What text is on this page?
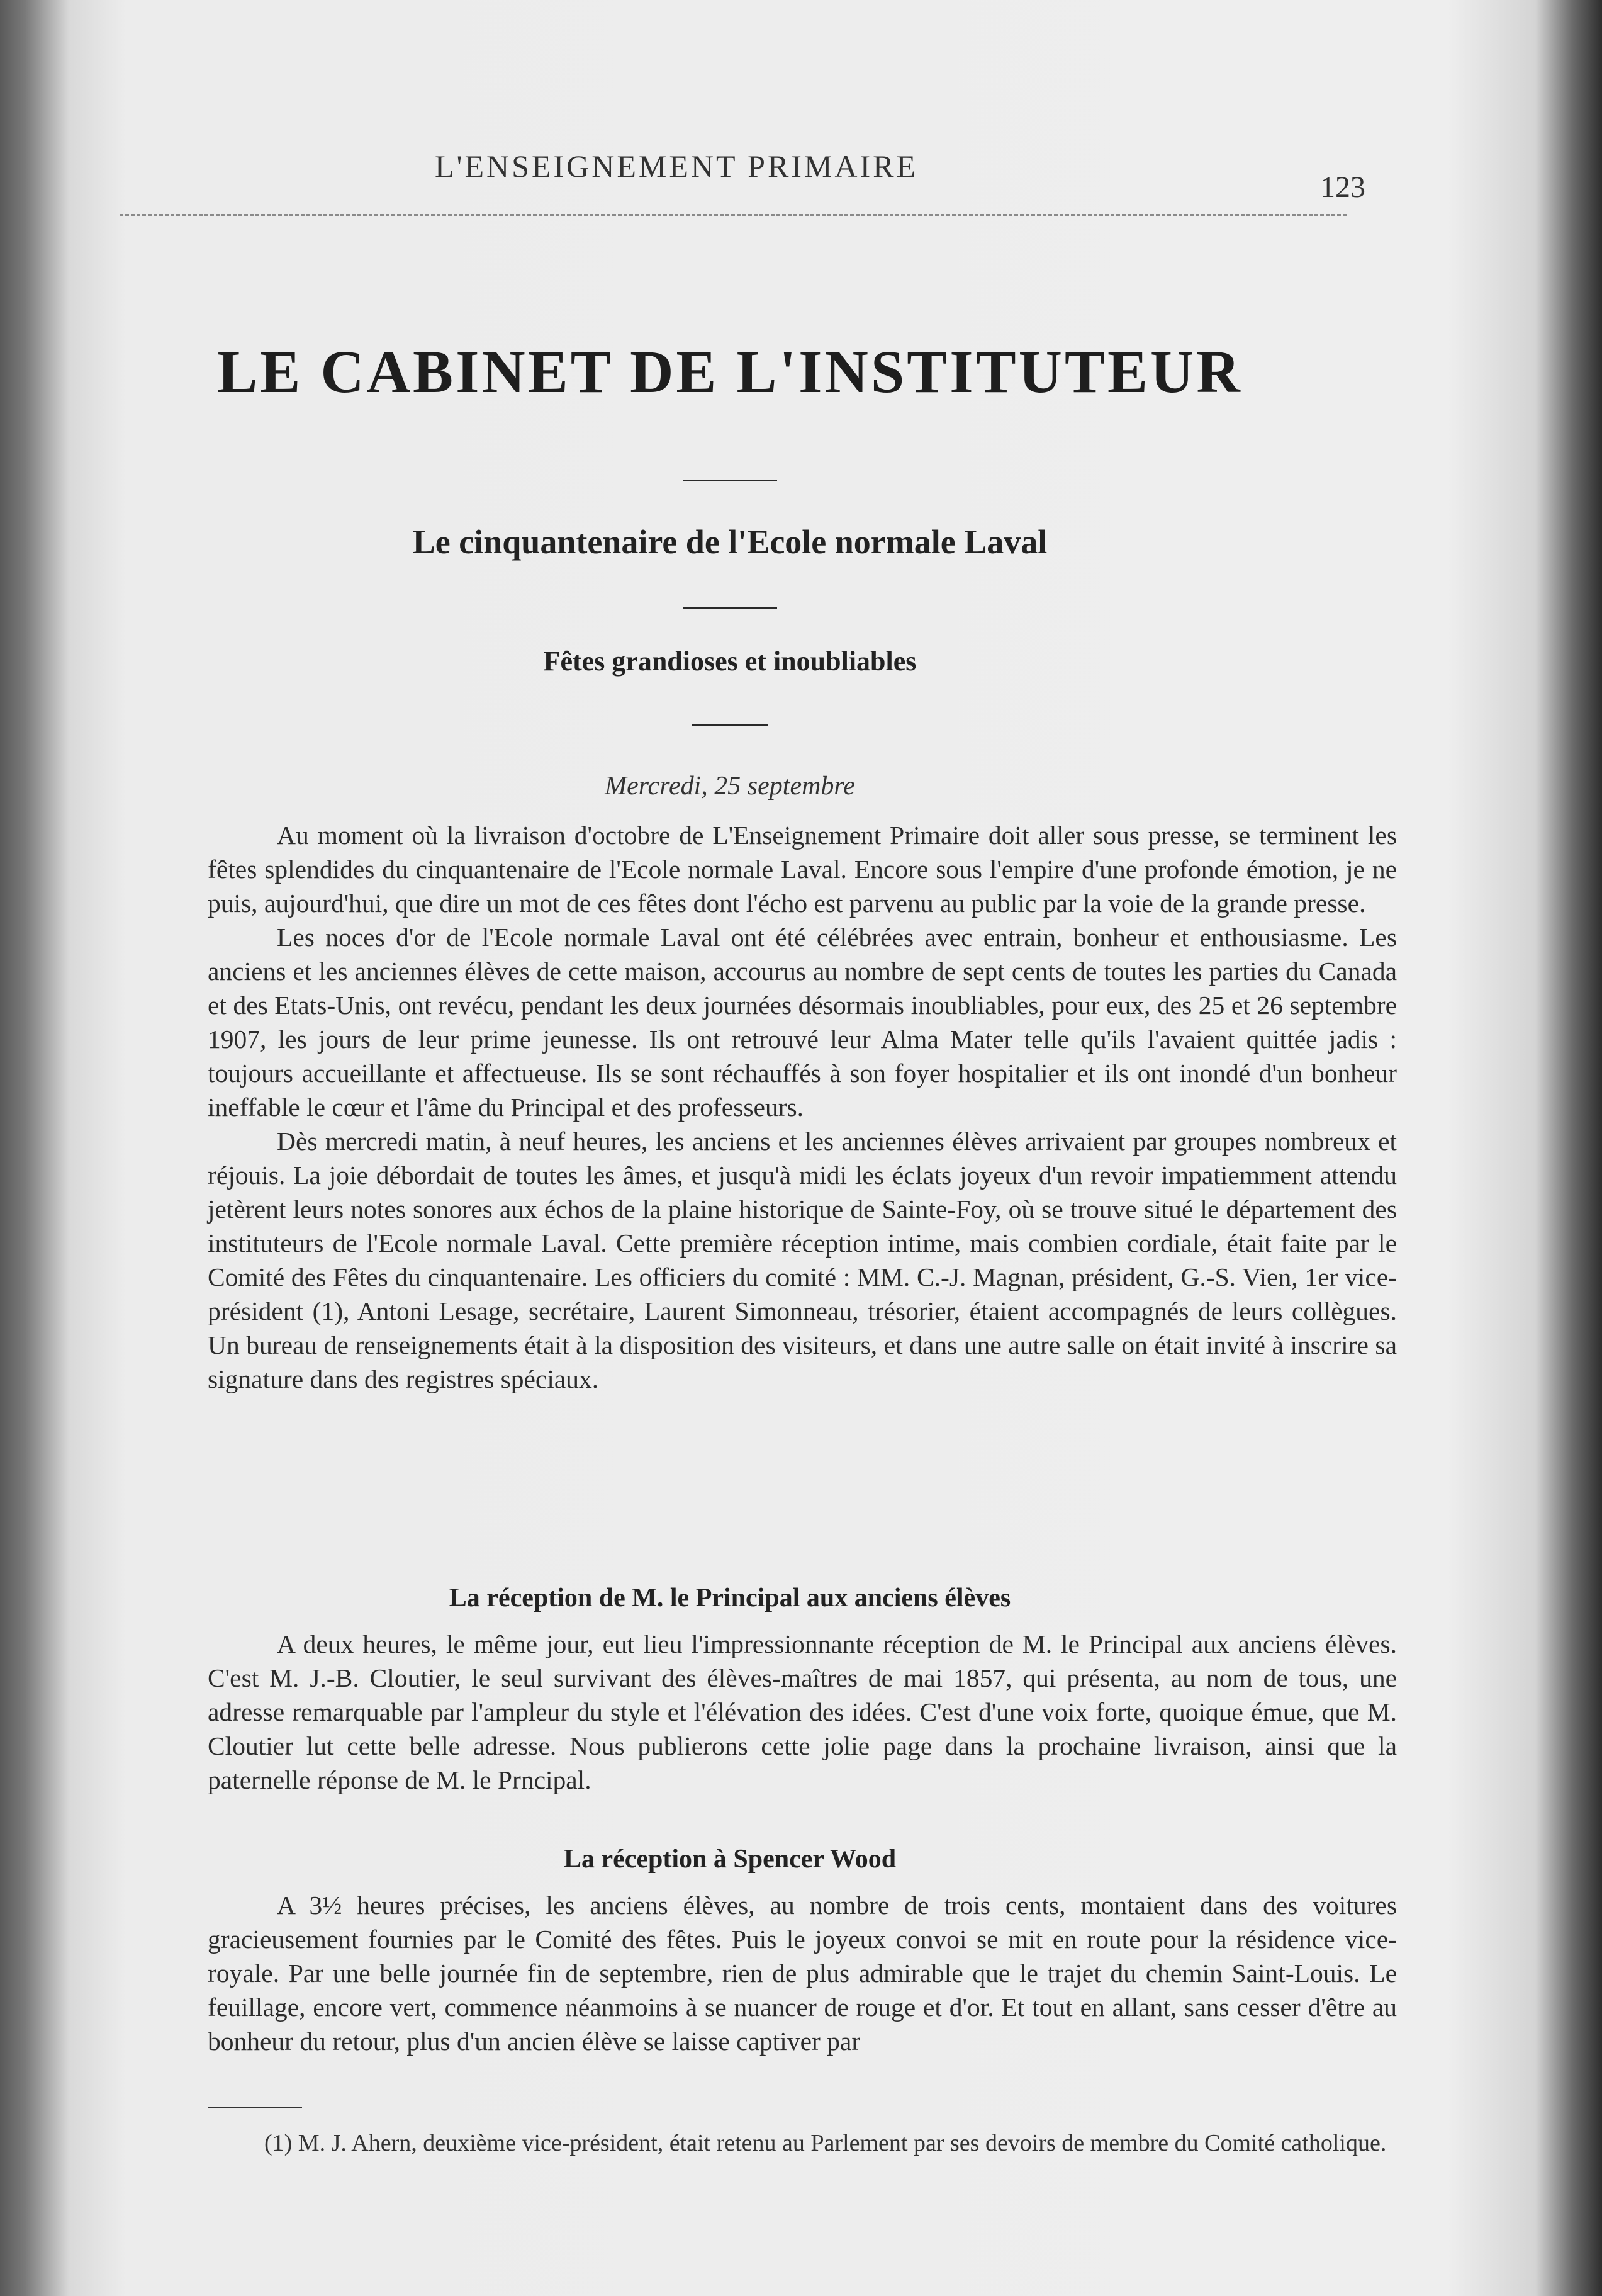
L'ENSEIGNEMENT PRIMAIRE
123
LE CABINET DE L'INSTITUTEUR
Le cinquantenaire de l'Ecole normale Laval
Fêtes grandioses et inoubliables
Mercredi, 25 septembre

Au moment où la livraison d'octobre de L'Enseignement Primaire doit aller sous presse, se terminent les fêtes splendides du cinquantenaire de l'Ecole normale Laval. Encore sous l'empire d'une profonde émotion, je ne puis, aujourd'hui, que dire un mot de ces fêtes dont l'écho est parvenu au public par la voie de la grande presse.

Les noces d'or de l'Ecole normale Laval ont été célébrées avec entrain, bonheur et enthousiasme. Les anciens et les anciennes élèves de cette maison, accourus au nombre de sept cents de toutes les parties du Canada et des Etats-Unis, ont revécu, pendant les deux journées désormais inoubliables, pour eux, des 25 et 26 septembre 1907, les jours de leur prime jeunesse. Ils ont retrouvé leur Alma Mater telle qu'ils l'avaient quittée jadis : toujours accueillante et affectueuse. Ils se sont réchauffés à son foyer hospitalier et ils ont inondé d'un bonheur ineffable le cœur et l'âme du Principal et des professeurs.

Dès mercredi matin, à neuf heures, les anciens et les anciennes élèves arrivaient par groupes nombreux et réjouis. La joie débordait de toutes les âmes, et jusqu'à midi les éclats joyeux d'un revoir impatiemment attendu jetèrent leurs notes sonores aux échos de la plaine historique de Sainte-Foy, où se trouve situé le département des instituteurs de l'Ecole normale Laval. Cette première réception intime, mais combien cordiale, était faite par le Comité des Fêtes du cinquantenaire. Les officiers du comité : MM. C.-J. Magnan, président, G.-S. Vien, 1er vice-président (1), Antoni Lesage, secrétaire, Laurent Simonneau, trésorier, étaient accompagnés de leurs collègues. Un bureau de renseignements était à la disposition des visiteurs, et dans une autre salle on était invité à inscrire sa signature dans des registres spéciaux.

La réception de M. le Principal aux anciens élèves

A deux heures, le même jour, eut lieu l'impressionnante réception de M. le Principal aux anciens élèves. C'est M. J.-B. Cloutier, le seul survivant des élèves-maîtres de mai 1857, qui présenta, au nom de tous, une adresse remarquable par l'ampleur du style et l'élévation des idées. C'est d'une voix forte, quoique émue, que M. Cloutier lut cette belle adresse. Nous publierons cette jolie page dans la prochaine livraison, ainsi que la paternelle réponse de M. le Prncipal.

La réception à Spencer Wood

A 3½ heures précises, les anciens élèves, au nombre de trois cents, montaient dans des voitures gracieusement fournies par le Comité des fêtes. Puis le joyeux convoi se mit en route pour la résidence vice-royale. Par une belle journée fin de septembre, rien de plus admirable que le trajet du chemin Saint-Louis. Le feuillage, encore vert, commence néanmoins à se nuancer de rouge et d'or. Et tout en allant, sans cesser d'être au bonheur du retour, plus d'un ancien élève se laisse captiver par

(1) M. J. Ahern, deuxième vice-président, était retenu au Parlement par ses devoirs de membre du Comité catholique.
